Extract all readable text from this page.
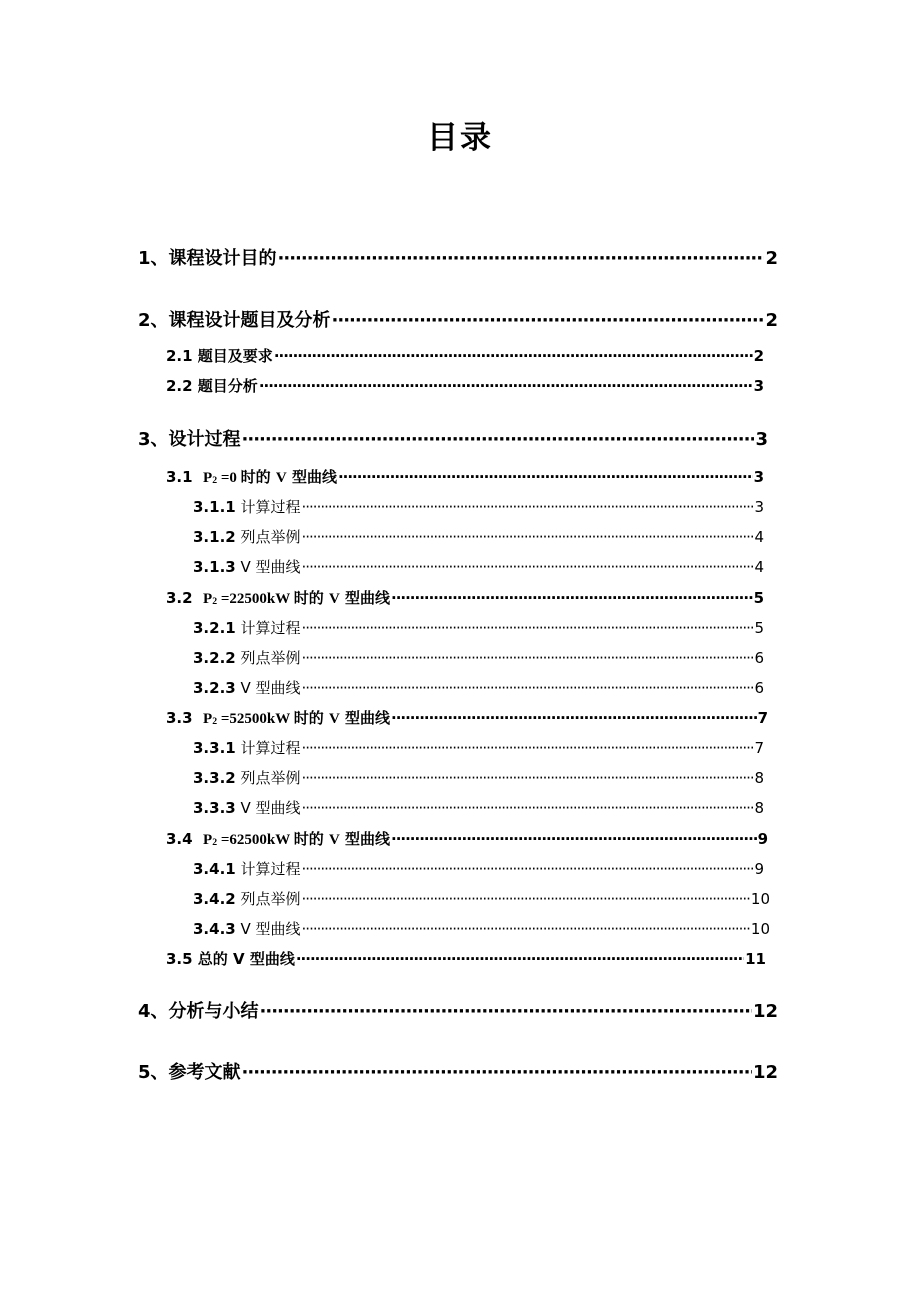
目录
1、课程设计目的 ·····	2
2、课程设计题目及分析 ·····	2
2.1 题目及要求 ·····	2
2.2 题目分析 ·····	3
3、设计过程 ·····	3
3.1 $P_2 =0$ 时的 V 型曲线 ·····	3
3.1.1 计算过程 ·····	3
3.1.2 列点举例 ·····	4
3.1.3 V 型曲线 ·····	4
3.2 $P_2 =22500kW$ 时的 V 型曲线 ·····	5
3.2.1 计算过程 ·····	5
3.2.2 列点举例 ·····	6
3.2.3 V 型曲线 ·····	6
3.3 $P_2 =52500kW$ 时的 V 型曲线 ·····	7
3.3.1 计算过程 ·····	7
3.3.2 列点举例 ·····	8
3.3.3 V 型曲线 ·····	8
3.4 $P_2 =62500kW$ 时的 V 型曲线 ·····	9
3.4.1 计算过程 ·····	9
3.4.2 列点举例 ·····	10
3.4.3 V 型曲线 ·····	10
3.5 总的 V 型曲线 ·····	11
4、分析与小结 ·····	12
5、参考文献 ·····	12
